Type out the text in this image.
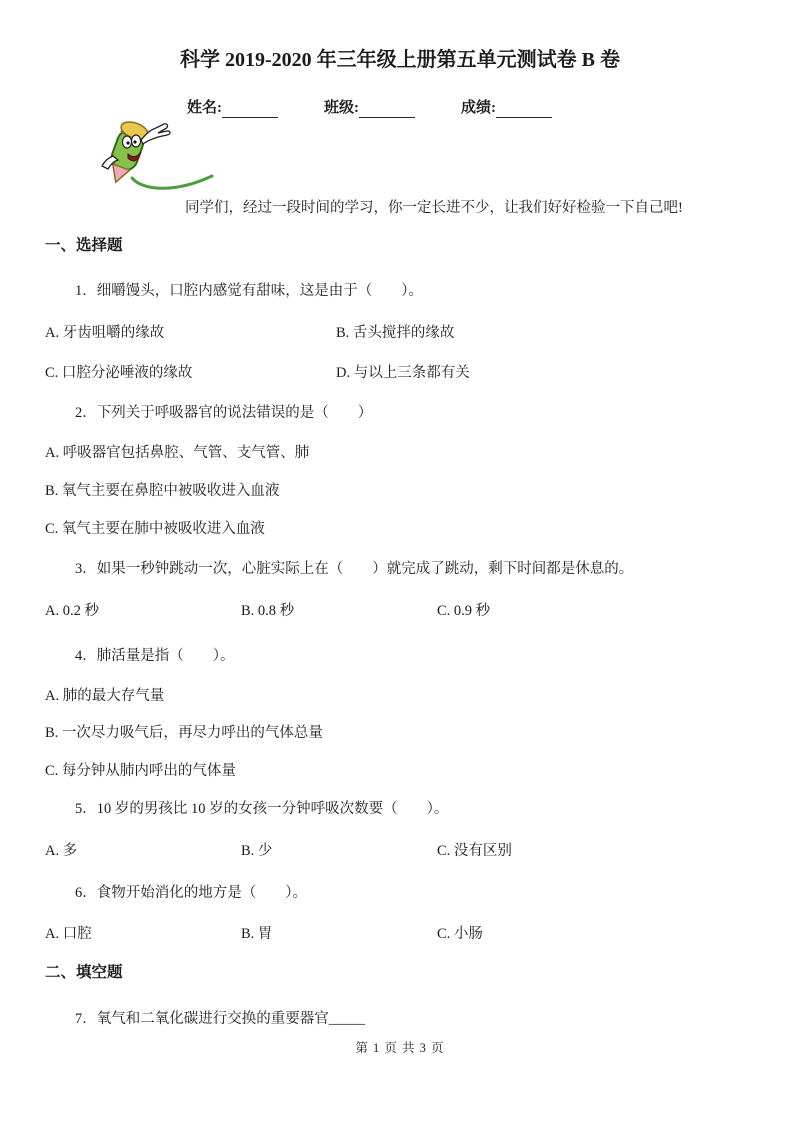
科学 2019-2020 年三年级上册第五单元测试卷 B 卷
姓名:	班级:	成绩:

同学们，经过一段时间的学习，你一定长进不少，让我们好好检验一下自己吧!

一、选择题

1．细嚼馒头，口腔内感觉有甜味，这是由于（　　）。

A. 牙齿咀嚼的缘故	B. 舌头搅拌的缘故
C. 口腔分泌唾液的缘故	D. 与以上三条都有关

2．下列关于呼吸器官的说法错误的是（　　）

A. 呼吸器官包括鼻腔、气管、支气管、肺

B. 氧气主要在鼻腔中被吸收进入血液

C. 氧气主要在肺中被吸收进入血液

3．如果一秒钟跳动一次，心脏实际上在（　　）就完成了跳动，剩下时间都是休息的。

A. 0.2 秒	B. 0.8 秒	C. 0.9 秒

4．肺活量是指（　　）。

A. 肺的最大存气量

B. 一次尽力吸气后，再尽力呼出的气体总量

C. 每分钟从肺内呼出的气体量

5．10 岁的男孩比 10 岁的女孩一分钟呼吸次数要（　　）。

A. 多	B. 少	C. 没有区别

6．食物开始消化的地方是（　　）。

A. 口腔	B. 胃	C. 小肠
二、填空题

7．氧气和二氧化碳进行交换的重要器官_____

第 1 页 共 3 页
